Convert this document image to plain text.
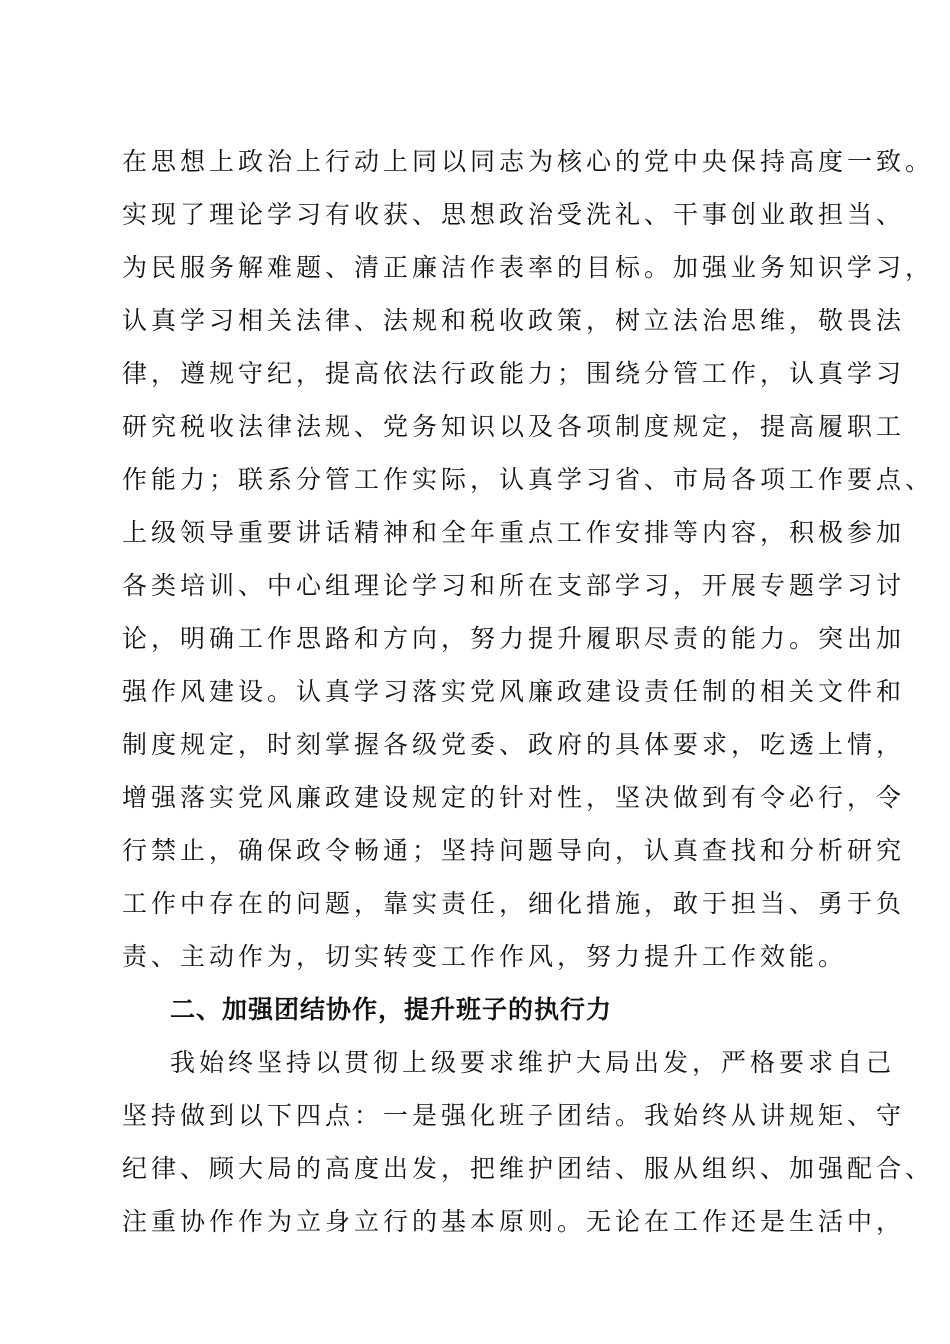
在思想上政治上行动上同以同志为核心的党中央保持高度一致。
实现了理论学习有收获、思想政治受洗礼、干事创业敢担当、
为民服务解难题、清正廉洁作表率的目标。加强业务知识学习，
认真学习相关法律、法规和税收政策，树立法治思维，敬畏法
律，遵规守纪，提高依法行政能力；围绕分管工作，认真学习
研究税收法律法规、党务知识以及各项制度规定，提高履职工
作能力；联系分管工作实际，认真学习省、市局各项工作要点、
上级领导重要讲话精神和全年重点工作安排等内容，积极参加
各类培训、中心组理论学习和所在支部学习，开展专题学习讨
论，明确工作思路和方向，努力提升履职尽责的能力。突出加
强作风建设。认真学习落实党风廉政建设责任制的相关文件和
制度规定，时刻掌握各级党委、政府的具体要求，吃透上情，
增强落实党风廉政建设规定的针对性，坚决做到有令必行，令
行禁止，确保政令畅通；坚持问题导向，认真查找和分析研究
工作中存在的问题，靠实责任，细化措施，敢于担当、勇于负
责、主动作为，切实转变工作作风，努力提升工作效能。
二、加强团结协作，提升班子的执行力
我始终坚持以贯彻上级要求维护大局出发，严格要求自己
坚持做到以下四点：一是强化班子团结。我始终从讲规矩、守
纪律、顾大局的高度出发，把维护团结、服从组织、加强配合、
注重协作作为立身立行的基本原则。无论在工作还是生活中，
